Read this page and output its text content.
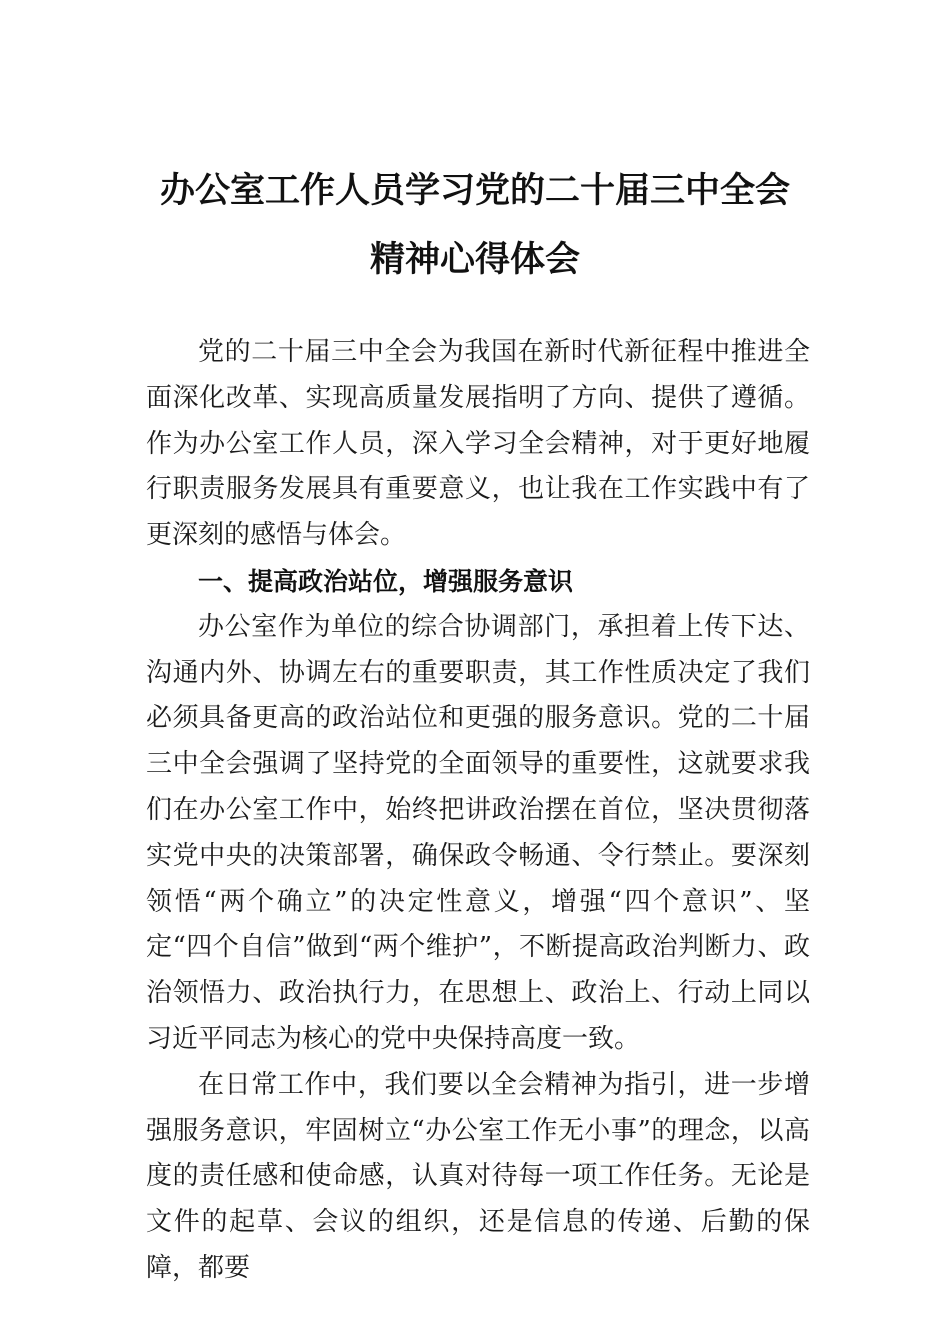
办公室工作人员学习党的二十届三中全会
精神心得体会

党的二十届三中全会为我国在新时代新征程中推进全面深化改革、实现高质量发展指明了方向、提供了遵循。作为办公室工作人员，深入学习全会精神，对于更好地履行职责服务发展具有重要意义，也让我在工作实践中有了更深刻的感悟与体会。

一、提高政治站位，增强服务意识

办公室作为单位的综合协调部门，承担着上传下达、沟通内外、协调左右的重要职责，其工作性质决定了我们必须具备更高的政治站位和更强的服务意识。党的二十届三中全会强调了坚持党的全面领导的重要性，这就要求我们在办公室工作中，始终把讲政治摆在首位，坚决贯彻落实党中央的决策部署，确保政令畅通、令行禁止。要深刻领悟“两个确立”的决定性意义，增强“四个意识”、坚定“四个自信”做到“两个维护”，不断提高政治判断力、政治领悟力、政治执行力，在思想上、政治上、行动上同以习近平同志为核心的党中央保持高度一致。

在日常工作中，我们要以全会精神为指引，进一步增强服务意识，牢固树立“办公室工作无小事”的理念，以高度的责任感和使命感，认真对待每一项工作任务。无论是文件的起草、会议的组织，还是信息的传递、后勤的保障，都要
